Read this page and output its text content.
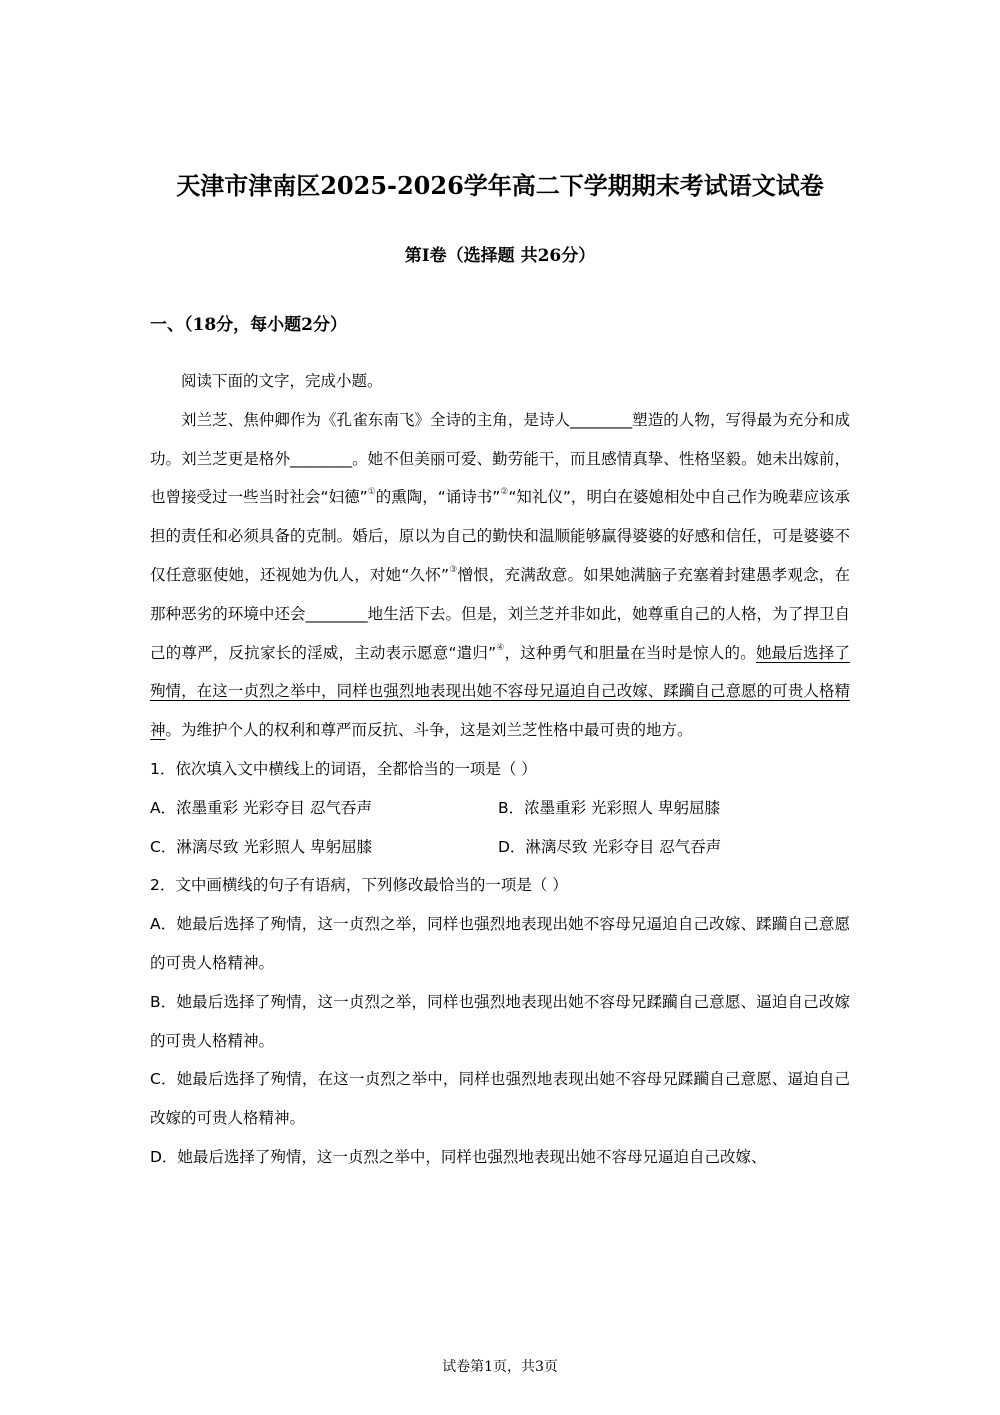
天津市津南区2025-2026学年高二下学期期末考试语文试卷
第I卷（选择题 共26分）
一、（18分，每小题2分）

阅读下面的文字，完成小题。

刘兰芝、焦仲卿作为《孔雀东南飞》全诗的主角，是诗人________塑造的人物，写得最为充分和成功。刘兰芝更是格外________。她不但美丽可爱、勤劳能干，而且感情真挚、性格坚毅。她未出嫁前，也曾接受过一些当时社会“妇德”①的熏陶，“诵诗书”②“知礼仪”，明白在婆媳相处中自己作为晚辈应该承担的责任和必须具备的克制。婚后，原以为自己的勤快和温顺能够赢得婆婆的好感和信任，可是婆婆不仅任意驱使她，还视她为仇人，对她“久怀”③憎恨，充满敌意。如果她满脑子充塞着封建愚孝观念，在那种恶劣的环境中还会________地生活下去。但是，刘兰芝并非如此，她尊重自己的人格，为了捍卫自己的尊严，反抗家长的淫威，主动表示愿意“遣归”④，这种勇气和胆量在当时是惊人的。她最后选择了殉情，在这一贞烈之举中，同样也强烈地表现出她不容母兄逼迫自己改嫁、蹂躏自己意愿的可贵人格精神。为维护个人的权利和尊严而反抗、斗争，这是刘兰芝性格中最可贵的地方。

1．依次填入文中横线上的词语，全都恰当的一项是（ ）

A．浓墨重彩 光彩夺目 忍气吞声	B．浓墨重彩 光彩照人 卑躬屈膝
C．淋漓尽致 光彩照人 卑躬屈膝	D．淋漓尽致 光彩夺目 忍气吞声

2．文中画横线的句子有语病，下列修改最恰当的一项是（ ）

A．她最后选择了殉情，这一贞烈之举，同样也强烈地表现出她不容母兄逼迫自己改嫁、蹂躏自己意愿的可贵人格精神。

B．她最后选择了殉情，这一贞烈之举，同样也强烈地表现出她不容母兄蹂躏自己意愿、逼迫自己改嫁的可贵人格精神。

C．她最后选择了殉情，在这一贞烈之举中，同样也强烈地表现出她不容母兄蹂躏自己意愿、逼迫自己改嫁的可贵人格精神。

D．她最后选择了殉情，这一贞烈之举中，同样也强烈地表现出她不容母兄逼迫自己改嫁、

试卷第1页，共3页
